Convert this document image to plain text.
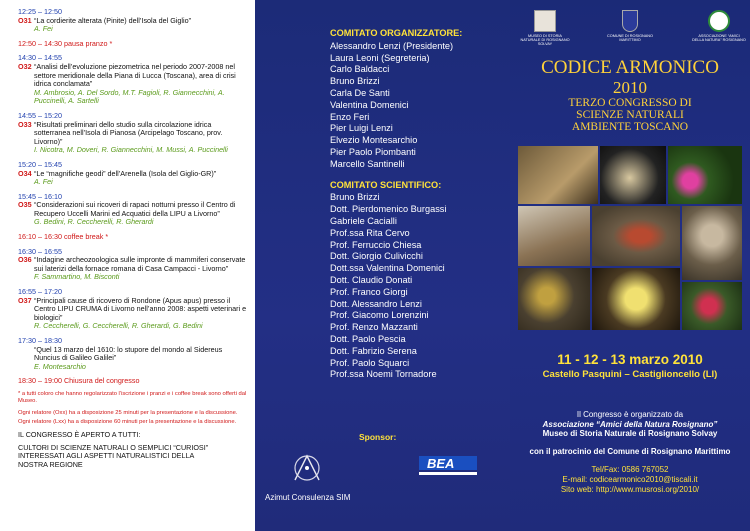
12:25 – 12:50
O31 “La cordierite alterata (Pinite) dell’Isola del Giglio”
A. Fei
12:50 – 14:30 pausa pranzo *
14:30 – 14:55
O32 “Analisi dell’evoluzione piezometrica nel periodo 2007-2008 nel settore meridionale della Piana di Lucca (Toscana), area di crisi idrica conclamata”
M. Ambrosio, A. Del Sordo, M.T. Fagioli, R. Giannecchini, A. Puccinelli, A. Sartelli
14:55 – 15:20
O33 “Risultati preliminari dello studio sulla circolazione idrica sotterranea nell’Isola di Pianosa (Arcipelago Toscano, prov. Livorno)”
I. Nicotra, M. Doveri, R. Giannecchini, M. Mussi, A. Puccinelli
15:20 – 15:45
O34 “Le “magnifiche geodi” dell’Arenella (Isola del Giglio-GR)”
A. Fei
15:45 – 16:10
O35 “Considerazioni sui ricoveri di rapaci notturni presso il Centro di Recupero Uccelli Marini ed Acquatici della LIPU a Livorno”
G. Bedini, R. Ceccherelli, R. Gherardi
16:10 – 16:30 coffee break *
16:30 – 16:55
O36 “Indagine archeozoologica sulle impronte di mammiferi conservate sui laterizi della fornace romana di Casa Campacci - Livorno”
F. Sammartino, M. Bisconti
16:55 – 17:20
O37 “Principali cause di ricovero di Rondone (Apus apus) presso il Centro LIPU CRUMA di Livorno nell’anno 2008: aspetti veterinari e biologici”
R. Ceccherelli, G. Ceccherelli, R. Gherardi, G. Bedini
17:30 – 18:30
“Quel 13 marzo del 1610: lo stupore del mondo al Sidereus Nuncius di Galileo Galilei”
E. Montesarchio
18:30 – 19:00 Chiusura del congresso
* a tutti coloro che hanno regolarizzato l’iscrizione i pranzi e i coffee break sono offerti dal Museo.
Ogni relatore (Oxx) ha a disposizione 25 minuti per la presentazione e la discussione.
Ogni relatore (Lxx) ha a disposizione 60 minuti per la presentazione e la discussione.
IL CONGRESSO È APERTO A TUTTI:
CULTORI DI SCIENZE NATURALI O SEMPLICI “CURIOSI” INTERESSATI AGLI ASPETTI NATURALISTICI DELLA NOSTRA REGIONE
COMITATO ORGANIZZATORE:
Alessandro Lenzi (Presidente)
Laura Leoni (Segreteria)
Carlo Baldacci
Bruno Brizzi
Carla De Santi
Valentina Domenici
Enzo Feri
Pier Luigi Lenzi
Elvezio Montesarchio
Pier Paolo Piombanti
Marcello Santinelli
COMITATO SCIENTIFICO:
Bruno Brizzi
Dott. Pierdomenico Burgassi
Gabriele Cacialli
Prof.ssa Rita Cervo
Prof. Ferruccio Chiesa
Dott. Giorgio Culivicchi
Dott.ssa Valentina Domenici
Dott. Claudio Donati
Prof. Franco Giorgi
Dott. Alessandro Lenzi
Prof. Giacomo Lorenzini
Prof. Renzo Mazzanti
Dott. Paolo Pescia
Dott. Fabrizio Serena
Prof. Paolo Squarci
Prof.ssa Noemi Tornadore
Sponsor:
Azimut Consulenza SIM
BEA
MUSEO DI STORIA NATURALE DI ROSIGNANO SOLVAY
COMUNE DI ROSIGNANO MARITTIMO
ASSOCIAZIONE “AMICI DELLA NATURA” ROSIGNANO
CODICE ARMONICO
2010
TERZO CONGRESSO DI
SCIENZE NATURALI
AMBIENTE TOSCANO
11 - 12 - 13 marzo 2010
Castello Pasquini – Castiglioncello (LI)
Il Congresso è organizzato da
Associazione “Amici della Natura Rosignano”
Museo di Storia Naturale di Rosignano Solvay
con il patrocinio del Comune di Rosignano Marittimo
Tel/Fax: 0586 767052
E-mail: codicearmonico2010@tiscali.it
Sito web: http://www.musrosi.org/2010/
